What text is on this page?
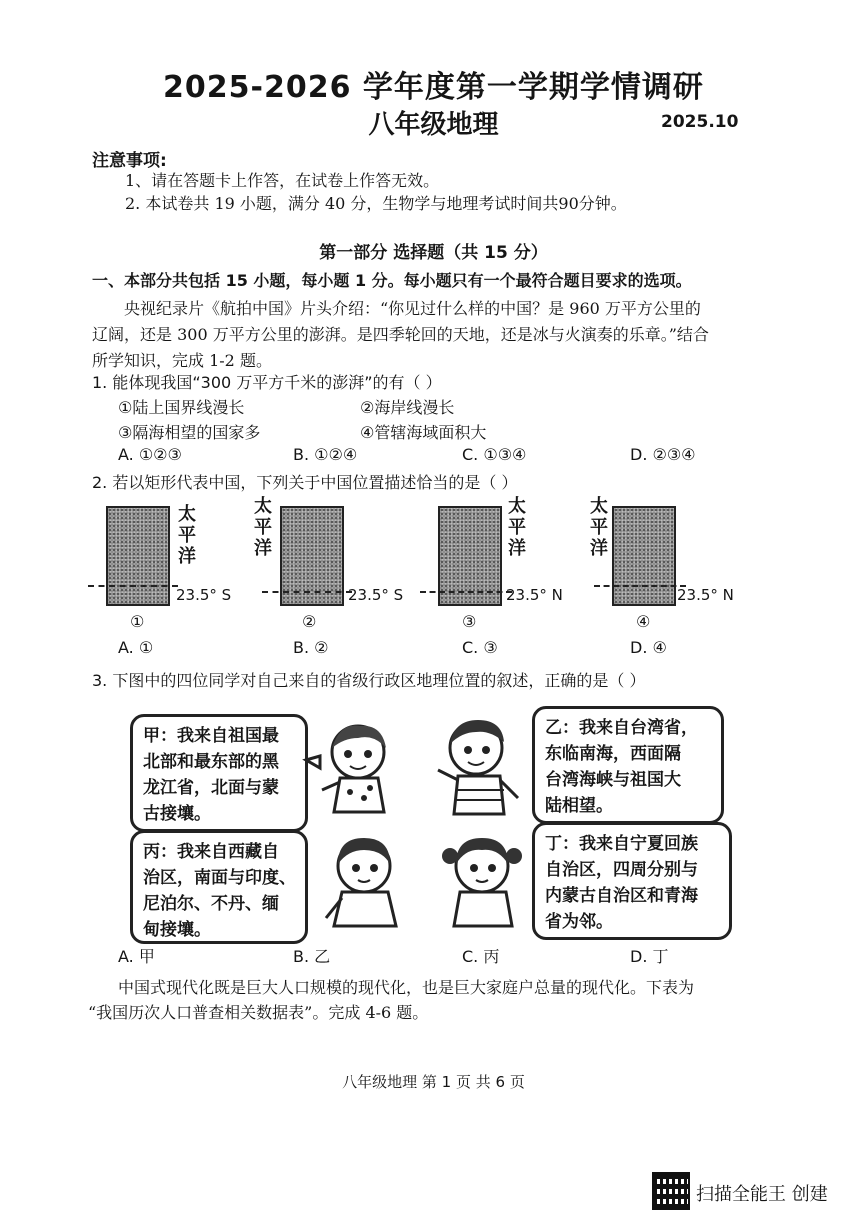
2025-2026 学年度第一学期学情调研
八年级地理	2025.10
注意事项:
1、请在答题卡上作答，在试卷上作答无效。
2. 本试卷共 19 小题，满分 40 分，生物学与地理考试时间共90分钟。
第一部分 选择题（共 15 分）
一、本部分共包括 15 小题，每小题 1 分。每小题只有一个最符合题目要求的选项。
央视纪录片《航拍中国》片头介绍：“你见过什么样的中国？是 960 万平方公里的
辽阔，还是 300 万平方公里的澎湃。是四季轮回的天地，还是冰与火演奏的乐章。”结合
所学知识，完成 1-2 题。
1. 能体现我国“300 万平方千米的澎湃”的有（ ）
①陆上国界线漫长	②海岸线漫长
③隔海相望的国家多	④管辖海域面积大
A. ①②③	B. ①②④	C. ①③④	D. ②③④
2. 若以矩形代表中国，下列关于中国位置描述恰当的是（ ）
太平洋
23.5° S
①
太平洋
23.5° S
②
太平洋
23.5° N
③
太平洋
23.5° N
④
A. ①	B. ②	C. ③	D. ④
3. 下图中的四位同学对自己来自的省级行政区地理位置的叙述，正确的是（ ）
甲：我来自祖国最
北部和最东部的黑
龙江省，北面与蒙
古接壤。
乙：我来自台湾省，
东临南海，西面隔
台湾海峡与祖国大
陆相望。
丙：我来自西藏自
治区，南面与印度、
尼泊尔、不丹、缅
甸接壤。
丁：我来自宁夏回族
自治区，四周分别与
内蒙古自治区和青海
省为邻。
A. 甲	B. 乙	C. 丙	D. 丁
中国式现代化既是巨大人口规模的现代化，也是巨大家庭户总量的现代化。下表为
“我国历次人口普查相关数据表”。完成 4-6 题。
八年级地理 第 1 页 共 6 页
扫描全能王 创建
